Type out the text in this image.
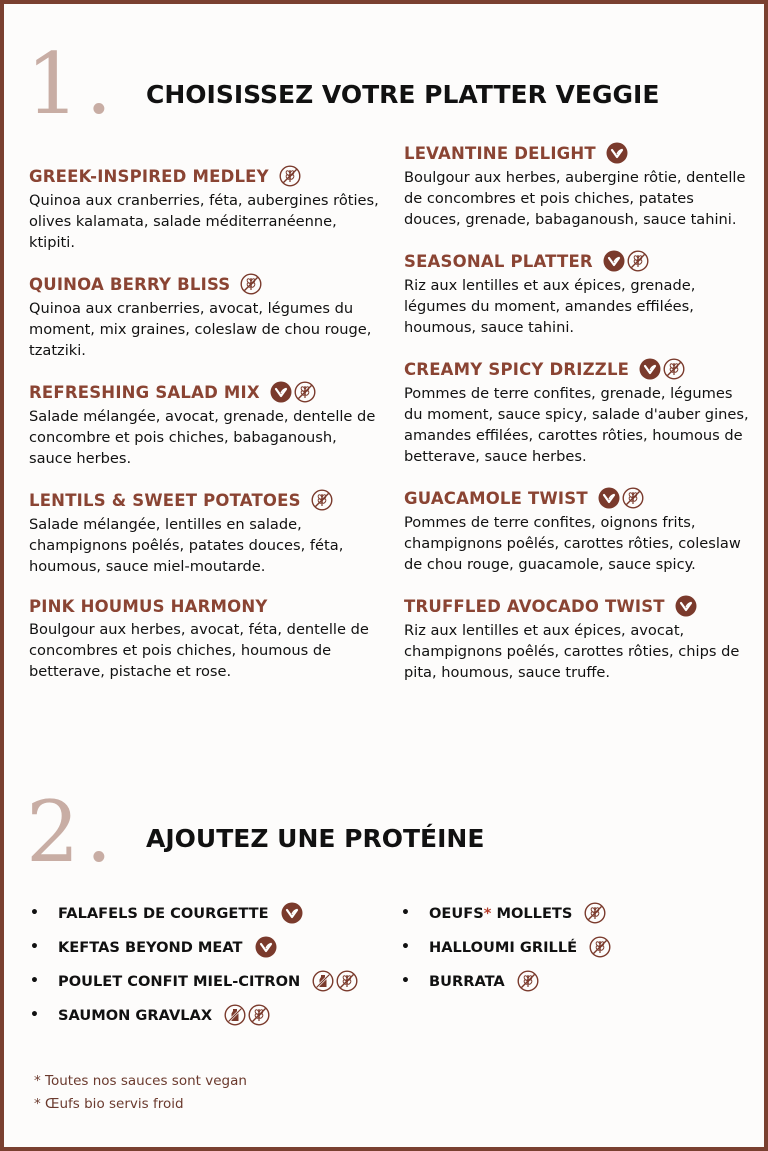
1. CHOISISSEZ VOTRE PLATTER VEGGIE
GREEK-INSPIRED MEDLEY
Quinoa aux cranberries, féta, aubergines rôties, olives kalamata, salade méditerranéenne, ktipiti.
QUINOA BERRY BLISS
Quinoa aux cranberries, avocat, légumes du moment, mix graines, coleslaw de chou rouge, tzatziki.
REFRESHING SALAD MIX
Salade mélangée, avocat, grenade, dentelle de concombre et pois chiches, babaganoush, sauce herbes.
LENTILS & SWEET POTATOES
Salade mélangée, lentilles en salade, champignons poêlés, patates douces, féta, houmous, sauce miel-moutarde.
PINK HOUMUS HARMONY
Boulgour aux herbes, avocat, féta, dentelle de concombres et pois chiches, houmous de betterave, pistache et rose.
LEVANTINE DELIGHT
Boulgour aux herbes, aubergine rôtie, dentelle de concombres et pois chiches, patates douces, grenade, babaganoush, sauce tahini.
SEASONAL PLATTER
Riz aux lentilles et aux épices, grenade, légumes du moment, amandes effilées, houmous, sauce tahini.
CREAMY SPICY DRIZZLE
Pommes de terre confites, grenade, légumes du moment, sauce spicy, salade d'auber gines, amandes effilées, carottes rôties, houmous de betterave, sauce herbes.
GUACAMOLE TWIST
Pommes de terre confites, oignons frits, champignons poêlés, carottes rôties, coleslaw de chou rouge, guacamole, sauce spicy.
TRUFFLED AVOCADO TWIST
Riz aux lentilles et aux épices, avocat, champignons poêlés, carottes rôties, chips de pita, houmous, sauce truffe.
2. AJOUTEZ UNE PROTÉINE
•	FALAFELS DE COURGETTE
•	KEFTAS BEYOND MEAT
•	POULET CONFIT MIEL-CITRON
•	SAUMON GRAVLAX
•	OEUFS* MOLLETS
•	HALLOUMI GRILLÉ
•	BURRATA
* Toutes nos sauces sont vegan
* Œufs bio servis froid
